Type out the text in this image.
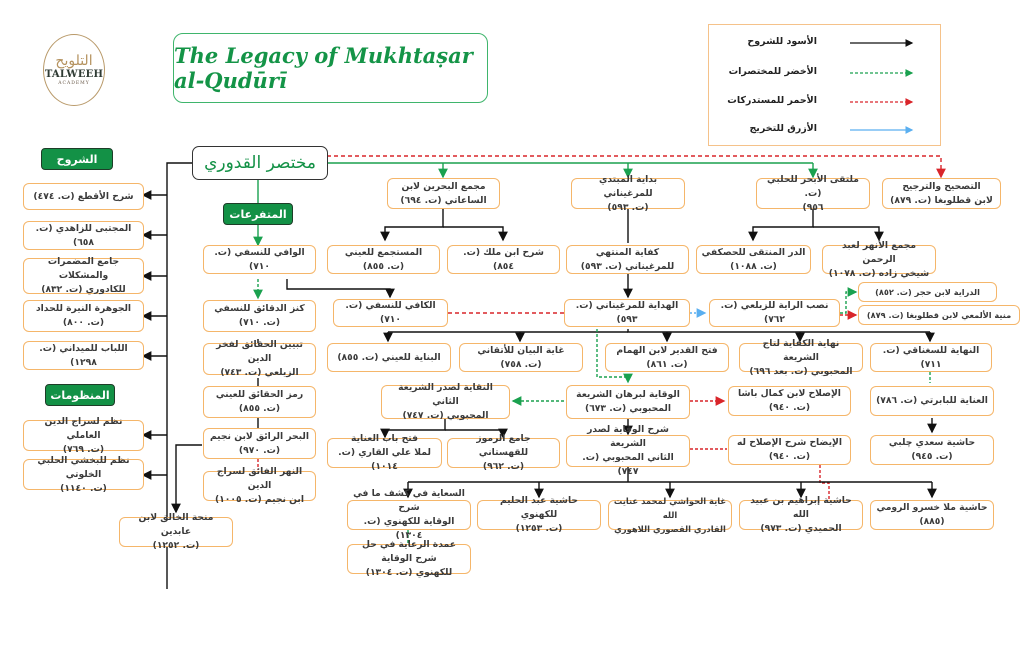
التلويح
TALWEEH
ACADEMY
The Legacy of Mukhtaṣar al-Qudūrī
الأسود للشروح
الأخضر للمختصرات
الأحمر للمستدركات
الأزرق للتخريج
مختصر القدوري
الشروح
المتفرعات
المنظومات
شرح الأقطع (ت. ٤٧٤)
المجتبى للزاهدي (ت. ٦٥٨)
جامع المضمرات والمشكلات
للكادوري (ت. ٨٣٢)
الجوهرة النيرة للحداد
(ت. ٨٠٠)
اللباب للميداني (ت. ١٢٩٨)
نظم لسراج الدين العاملي
(ت. ٧٦٩)
نظم للبخشي الحلبي الخلوتي
(ت. ١١٤٠)
منحة الخالق لابن عابدين
(ت. ١٢٥٢)
الوافي للنسفي (ت. ٧١٠)
كنز الدقائق للنسفي
(ت. ٧١٠)
تبيين الحقائق لفخر الدين
الزيلعي (ت. ٧٤٣)
رمز الحقائق للعيني
(ت. ٨٥٥)
البحر الرائق لابن نجيم
(ت. ٩٧٠)
النهر الفائق لسراج الدين
ابن نجيم (ت. ١٠٠٥)
مجمع البحرين لابن
الساعاتي (ت. ٦٩٤)
بداية المبتدي للمرغيناني
(ت. ٥٩٣)
ملتقى الأبحر للحلبي (ت.
٩٥٦)
التصحيح والترجيح
لابن قطلوبغا (ت. ٨٧٩)
المستجمع للعيني
(ت. ٨٥٥)
شرح ابن ملك (ت. ٨٥٤)
كفاية المنتهي
للمرغيناني (ت. ٥٩٣)
الدر المنتقى للحصكفي
(ت. ١٠٨٨)
مجمع الأنهر لعبد الرحمن
شيخي زاده (ت. ١٠٧٨)
الكافي للنسفي (ت. ٧١٠)
الهداية للمرغيناني (ت. ٥٩٣)
نصب الراية للزيلعي (ت. ٧٦٢)
الدراية لابن حجر (ت. ٨٥٢)
منية الألمعي لابن قطلوبغا (ت. ٨٧٩)
البناية للعيني (ت. ٨٥٥)
غاية البيان للأتقاني
(ت. ٧٥٨)
فتح القدير لابن الهمام
(ت. ٨٦١)
نهاية الكفاية لتاج الشريعة
المحبوبي (ت. بعد ٦٩٦)
النهاية للسغناقي (ت. ٧١١)
النقاية لصدر الشريعة الثاني
المحبوبي (ت. ٧٤٧)
الوقاية لبرهان الشريعة
المحبوبي (ت. ٦٧٣)
الإصلاح لابن كمال باشا
(ت. ٩٤٠)
العناية للبابرتي (ت. ٧٨٦)
فتح باب العناية
لملا علي القاري (ت. ١٠١٤)
جامع الرموز للقهستاني
(ت. ٩٦٢)
شرح الوقاية لصدر الشريعة
الثاني المحبوبي (ت. ٧٤٧)
الإيضاح شرح الإصلاح له
(ت. ٩٤٠)
حاشية سعدي چلبي
(ت. ٩٤٥)
السعاية في كشف ما في شرح
الوقاية للكهنوي (ت. ١٣٠٤)
حاشية عبد الحليم للكهنوي
(ت. ١٢٥٣)
غاية الحواشي لمحمد عنايت الله
القادري القصوري اللاهوري
حاشية إبراهيم بن عبيد الله
الحميدي (ت. ٩٧٣)
حاشية ملا خسرو الرومي
(٨٨٥)
عمدة الرعاية في حل شرح الوقاية
للكهنوي (ت. ١٣٠٤)
